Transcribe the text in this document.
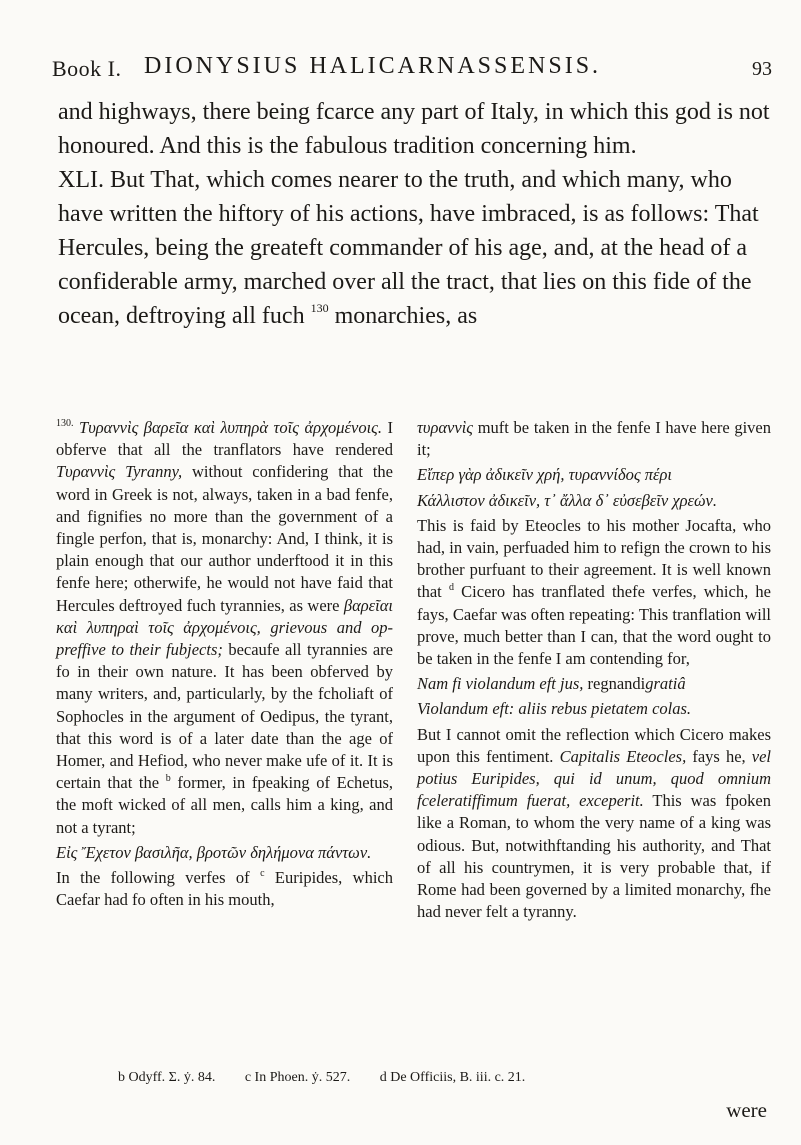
Book I. DIONYSIUS HALICARNASSENSIS.	93

and highways, there being fcarce any part of Italy, in which this god is not honoured. And this is the fabulous tradition concerning him.

XLI. But That, which comes nearer to the truth, and which many, who have written the hiftory of his actions, have imbraced, is as follows: That Hercules, being the greateft commander of his age, and, at the head of a confiderable army, marched over all the tract, that lies on this fide of the ocean, deftroying all fuch $^{130}$ monarchies, as

$^{130.}$ Τυραννὶς βαρεῖα καὶ λυπηρὰ τοῖς ἀρχομένοις. I obferve that all the tranflators have rendered Τυραννὶς Tyranny, without confidering that the word in Greek is not, always, taken in a bad fenfe, and fignifies no more than the government of a fingle perfon, that is, monarchy: And, I think, it is plain enough that our author underftood it in this fenfe here; otherwife, he would not have faid that Hercules deftroyed fuch tyrannies, as were βαρεῖαι καὶ λυπηραὶ τοῖς ἀρχομένοις, grievous and oppreffive to their fubjects; becaufe all tyrannies are fo in their own nature. It has been obferved by many writers, and, particularly, by the fcholiaft of Sophocles in the argument of Oedipus, the tyrant, that this word is of a later date than the age of Homer, and Hefiod, who never make ufe of it. It is certain that the $^b$ former, in fpeaking of Echetus, the moft wicked of all men, calls him a king, and not a tyrant;
Εἰς Ἔχετον βασιλῆα, βροτῶν δηλήμονα πάντων.
In the following verfes of $^c$ Euripides, which Caefar had fo often in his mouth,

τυραννὶς muft be taken in the fenfe I have here given it;
Εἴπερ γὰρ ἀδικεῖν χρή, τυραννίδος πέρι
Κάλλιστον ἀδικεῖν, τ᾽ ἄλλα δ᾽ εὐσεβεῖν χρεών.
This is faid by Eteocles to his mother Jocafta, who had, in vain, perfuaded him to refign the crown to his brother purfuant to their agreement. It is well known that $^d$ Cicero has tranflated thefe verfes, which, he fays, Caefar was often repeating: This tranflation will prove, much better than I can, that the word ought to be taken in the fenfe I am contending for,
Nam fi violandum eft jus, regnandigratiâ
Violandum eft: aliis rebus pietatem colas.
But I cannot omit the reflection which Cicero makes upon this fentiment. Capitalis Eteocles, fays he, vel potius Euripides, qui id unum, quod omnium fceleratiffimum fuerat, exceperit. This was fpoken like a Roman, to whom the very name of a king was odious. But, notwithftanding his authority, and That of all his countrymen, it is very probable that, if Rome had been governed by a limited monarchy, fhe had never felt a tyranny.

b Odyff. Σ. ẏ. 84. c In Phoen. ẏ. 527. d De Officiis, B. iii. c. 21.
were
